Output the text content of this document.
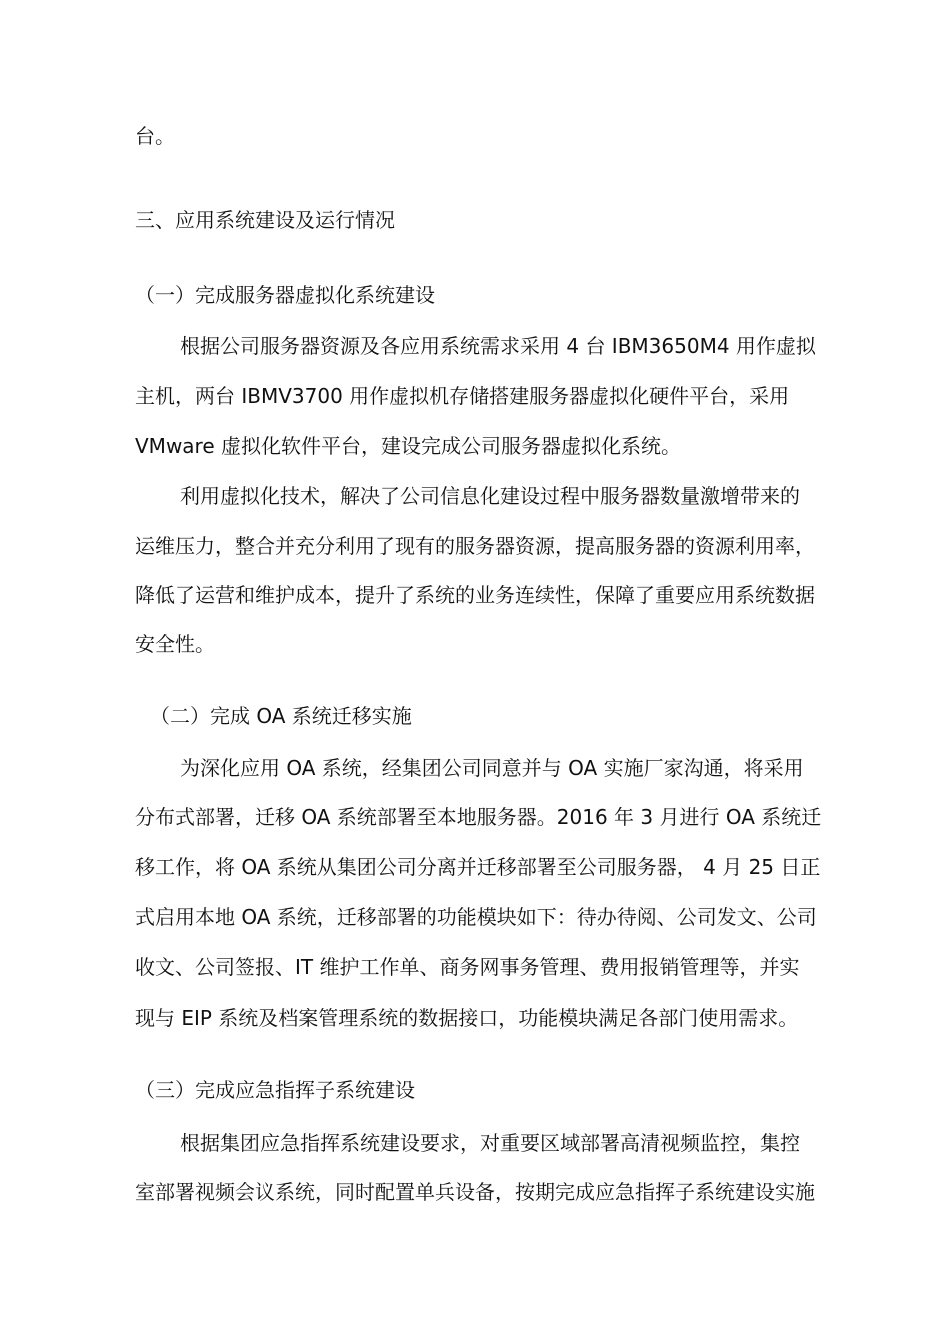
台。
三、应用系统建设及运行情况
（一）完成服务器虚拟化系统建设
根据公司服务器资源及各应用系统需求采用 4 台 IBM3650M4 用作虚拟
主机，两台 IBMV3700 用作虚拟机存储搭建服务器虚拟化硬件平台，采用
VMware 虚拟化软件平台，建设完成公司服务器虚拟化系统。
利用虚拟化技术，解决了公司信息化建设过程中服务器数量激增带来的
运维压力，整合并充分利用了现有的服务器资源，提高服务器的资源利用率，
降低了运营和维护成本，提升了系统的业务连续性，保障了重要应用系统数据
安全性。
（二）完成 OA 系统迁移实施
为深化应用 OA 系统，经集团公司同意并与 OA 实施厂家沟通，将采用
分布式部署，迁移 OA 系统部署至本地服务器。2016 年 3 月进行 OA 系统迁
移工作，将 OA 系统从集团公司分离并迁移部署至公司服务器， 4 月 25 日正
式启用本地 OA 系统，迁移部署的功能模块如下：待办待阅、公司发文、公司
收文、公司签报、IT 维护工作单、商务网事务管理、费用报销管理等，并实
现与 EIP 系统及档案管理系统的数据接口，功能模块满足各部门使用需求。
（三）完成应急指挥子系统建设
根据集团应急指挥系统建设要求，对重要区域部署高清视频监控，集控
室部署视频会议系统，同时配置单兵设备，按期完成应急指挥子系统建设实施
